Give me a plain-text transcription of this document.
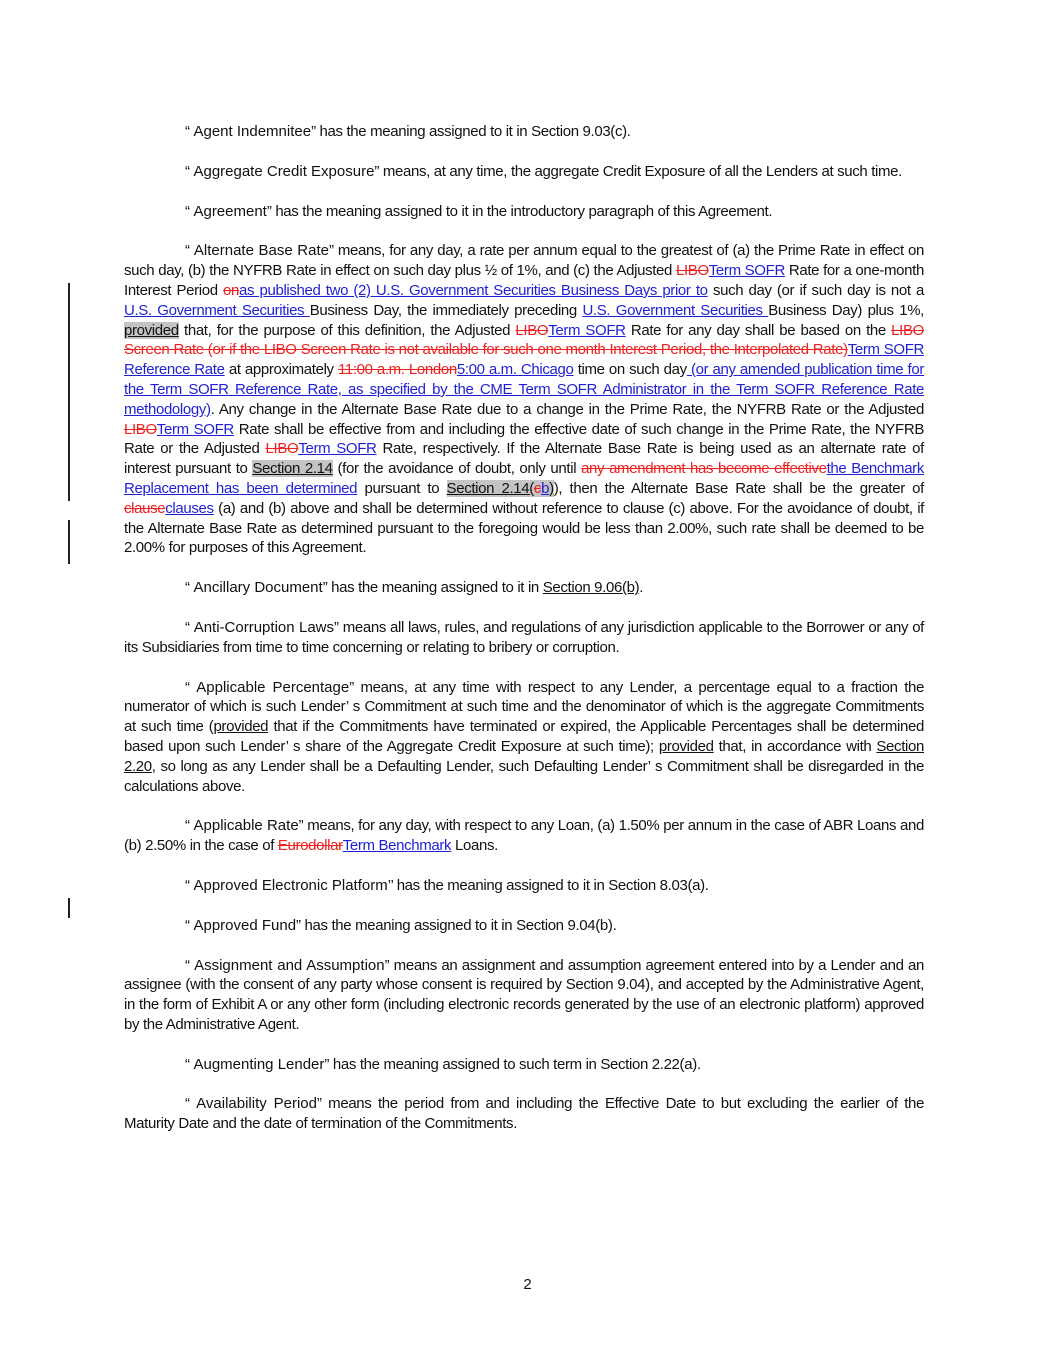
“ Agent Indemnitee” has the meaning assigned to it in Section 9.03(c).

“ Aggregate Credit Exposure” means, at any time, the aggregate Credit Exposure of all the Lenders at such time.

“ Agreement” has the meaning assigned to it in the introductory paragraph of this Agreement.

“ Alternate Base Rate” means, for any day, a rate per annum equal to the greatest of (a) the Prime Rate in effect on such day, (b) the NYFRB Rate in effect on such day plus ½ of 1%, and (c) the Adjusted LIBOTerm SOFR Rate for a one-month Interest Period onas published two (2) U.S. Government Securities Business Days prior to such day (or if such day is not a U.S. Government Securities Business Day, the immediately preceding U.S. Government Securities Business Day) plus 1%, provided that, for the purpose of this definition, the Adjusted LIBOTerm SOFR Rate for any day shall be based on the LIBO Screen Rate (or if the LIBO Screen Rate is not available for such one month Interest Period, the Interpolated Rate)Term SOFR Reference Rate at approximately 11:00 a.m. London5:00 a.m. Chicago time on such day (or any amended publication time for the Term SOFR Reference Rate, as specified by the CME Term SOFR Administrator in the Term SOFR Reference Rate methodology). Any change in the Alternate Base Rate due to a change in the Prime Rate, the NYFRB Rate or the Adjusted LIBOTerm SOFR Rate shall be effective from and including the effective date of such change in the Prime Rate, the NYFRB Rate or the Adjusted LIBOTerm SOFR Rate, respectively. If the Alternate Base Rate is being used as an alternate rate of interest pursuant to Section 2.14 (for the avoidance of doubt, only until any amendment has become effectivethe Benchmark Replacement has been determined pursuant to Section 2.14(cb)), then the Alternate Base Rate shall be the greater of clauseclauses (a) and (b) above and shall be determined without reference to clause (c) above. For the avoidance of doubt, if the Alternate Base Rate as determined pursuant to the foregoing would be less than 2.00%, such rate shall be deemed to be 2.00% for purposes of this Agreement.

“ Ancillary Document” has the meaning assigned to it in Section 9.06(b).

“ Anti-Corruption Laws” means all laws, rules, and regulations of any jurisdiction applicable to the Borrower or any of its Subsidiaries from time to time concerning or relating to bribery or corruption.

“ Applicable Percentage” means, at any time with respect to any Lender, a percentage equal to a fraction the numerator of which is such Lender’ s Commitment at such time and the denominator of which is the aggregate Commitments at such time (provided that if the Commitments have terminated or expired, the Applicable Percentages shall be determined based upon such Lender’ s share of the Aggregate Credit Exposure at such time); provided that, in accordance with Section 2.20, so long as any Lender shall be a Defaulting Lender, such Defaulting Lender’ s Commitment shall be disregarded in the calculations above.

“ Applicable Rate” means, for any day, with respect to any Loan, (a) 1.50% per annum in the case of ABR Loans and (b) 2.50% in the case of EurodollarTerm Benchmark Loans.

“ Approved Electronic Platform’’ has the meaning assigned to it in Section 8.03(a).

“ Approved Fund” has the meaning assigned to it in Section 9.04(b).

“ Assignment and Assumption” means an assignment and assumption agreement entered into by a Lender and an assignee (with the consent of any party whose consent is required by Section 9.04), and accepted by the Administrative Agent, in the form of Exhibit A or any other form (including electronic records generated by the use of an electronic platform) approved by the Administrative Agent.

“ Augmenting Lender” has the meaning assigned to such term in Section 2.22(a).

“ Availability Period” means the period from and including the Effective Date to but excluding the earlier of the Maturity Date and the date of termination of the Commitments.

2
